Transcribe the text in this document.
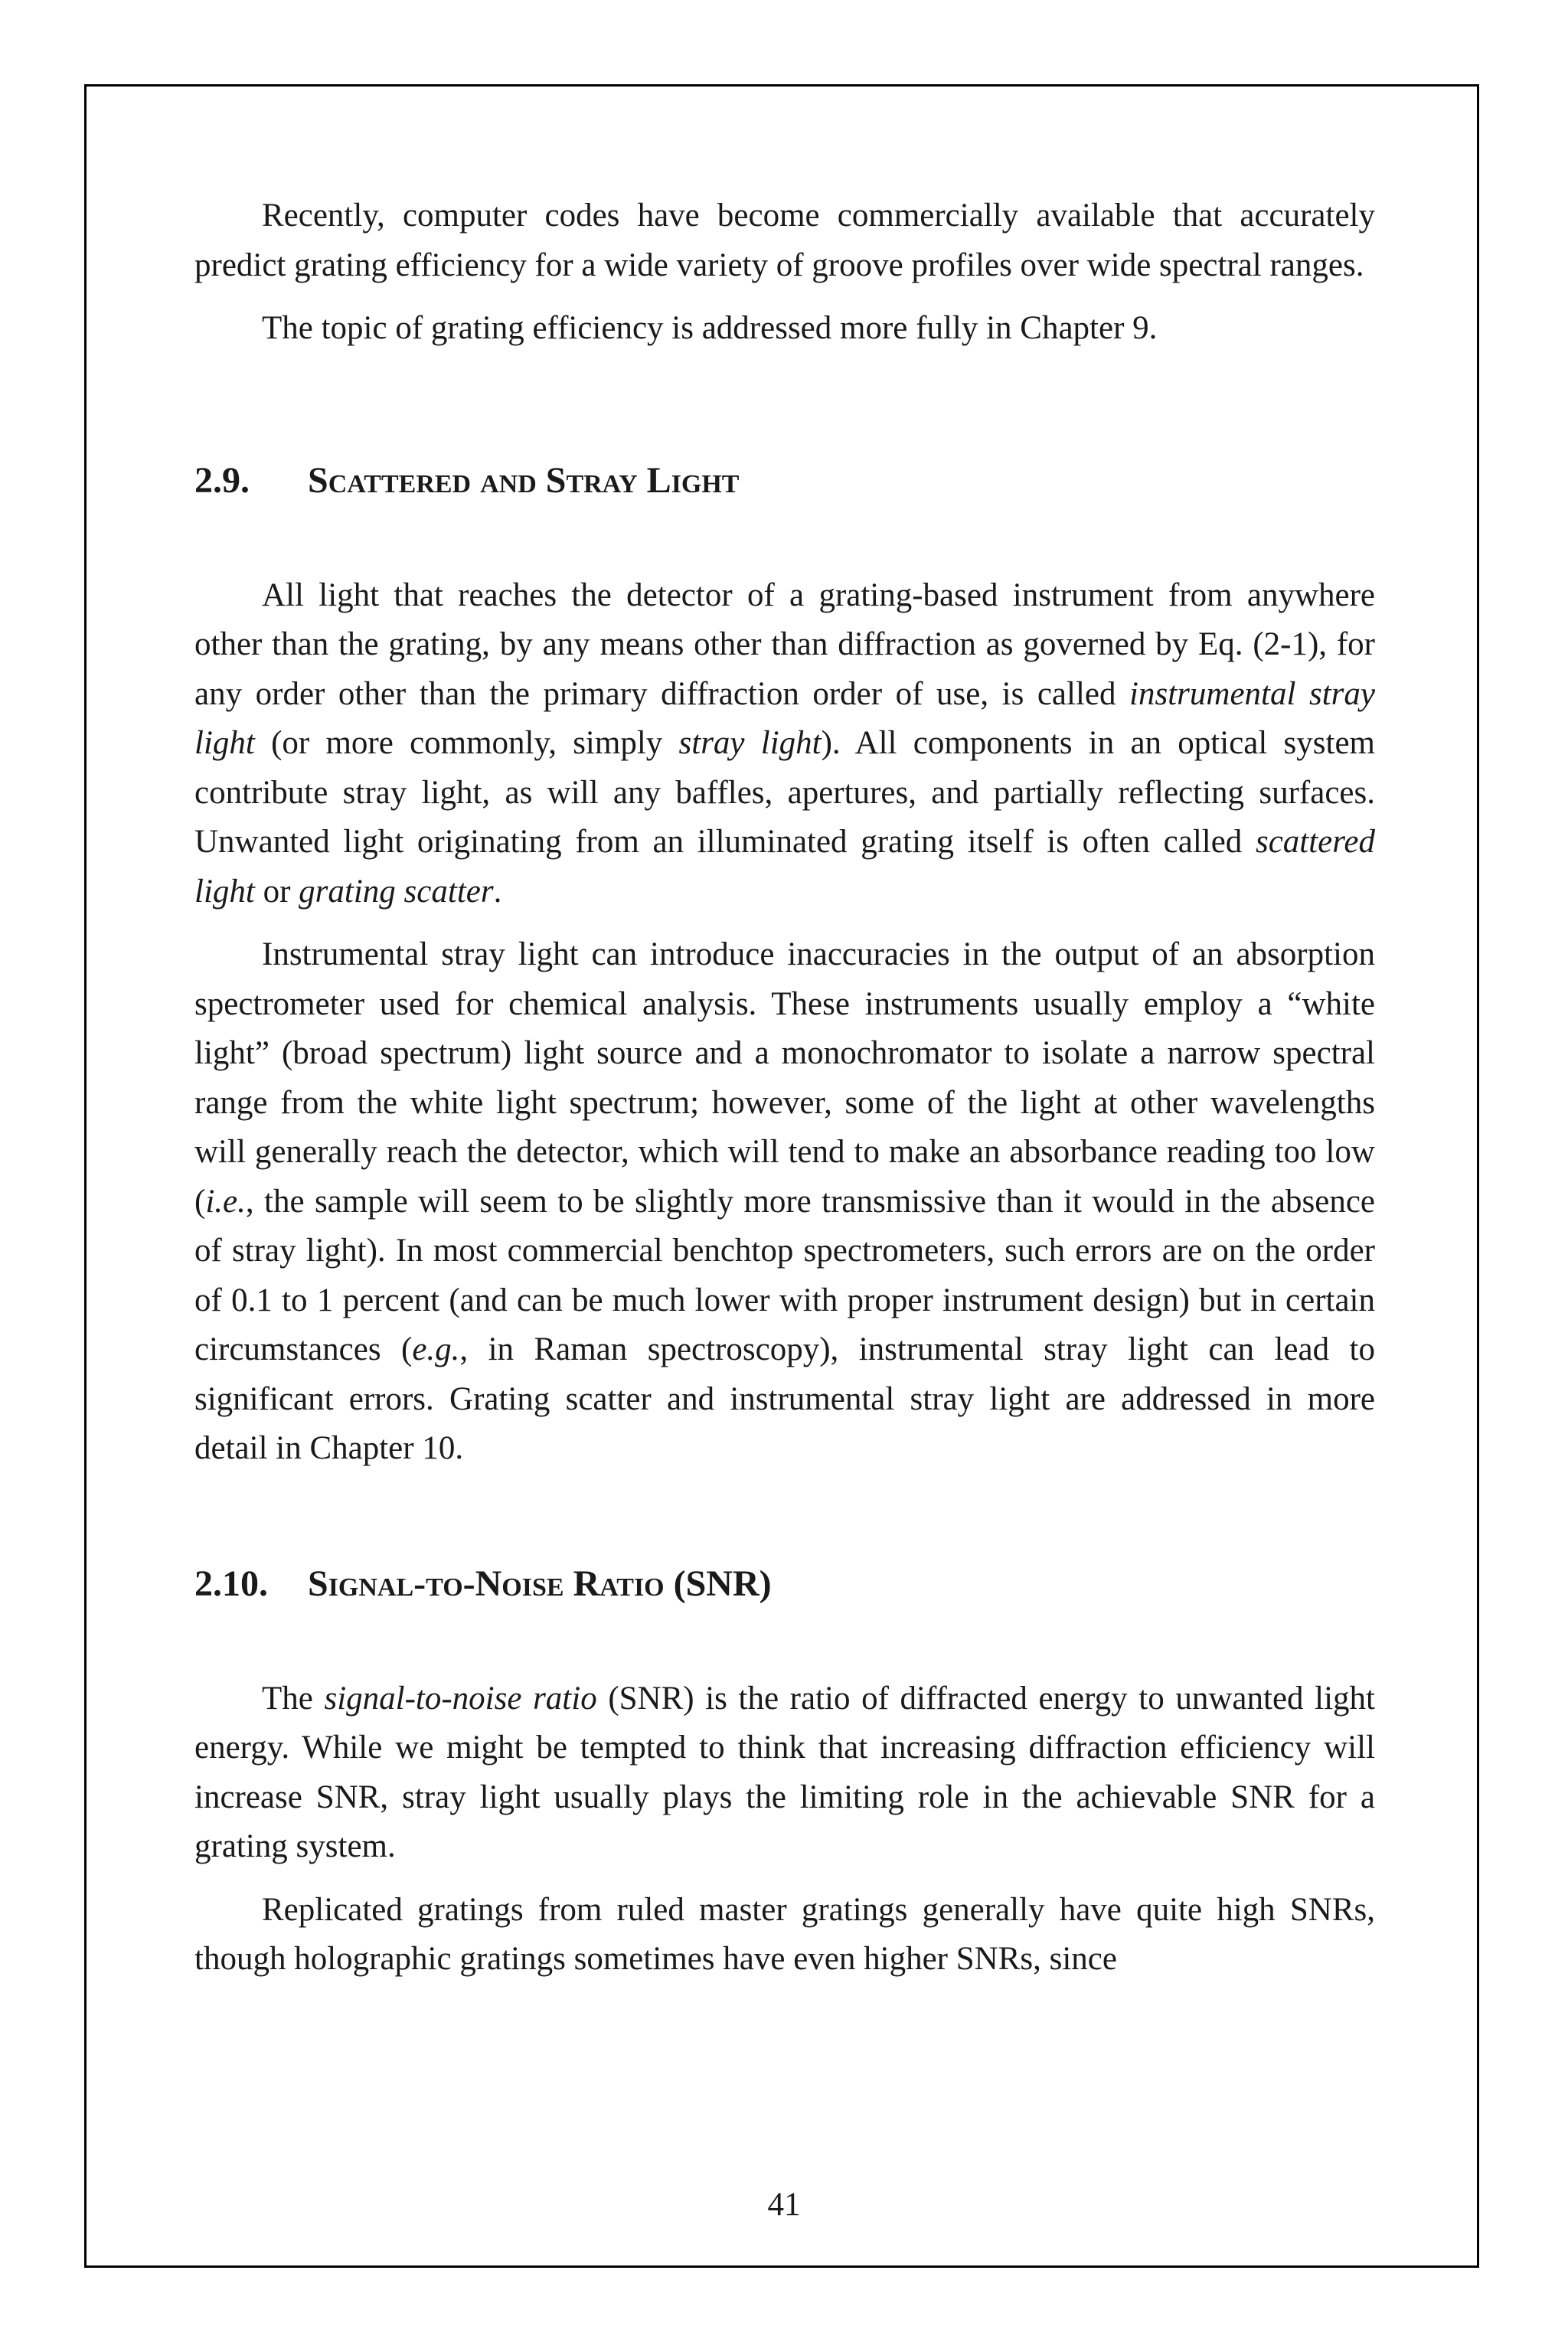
Recently, computer codes have become commercially available that accurately predict grating efficiency for a wide variety of groove profiles over wide spectral ranges.

The topic of grating efficiency is addressed more fully in Chapter 9.

2.9.	Scattered and Stray Light

All light that reaches the detector of a grating-based instrument from anywhere other than the grating, by any means other than diffraction as governed by Eq. (2-1), for any order other than the primary diffraction order of use, is called instrumental stray light (or more commonly, simply stray light). All components in an optical system contribute stray light, as will any baffles, apertures, and partially reflecting surfaces. Unwanted light originating from an illuminated grating itself is often called scattered light or grating scatter.

Instrumental stray light can introduce inaccuracies in the output of an absorption spectrometer used for chemical analysis. These instruments usually employ a “white light” (broad spectrum) light source and a monochromator to isolate a narrow spectral range from the white light spectrum; however, some of the light at other wavelengths will generally reach the detector, which will tend to make an absorbance reading too low (i.e., the sample will seem to be slightly more transmissive than it would in the absence of stray light). In most commercial benchtop spectrometers, such errors are on the order of 0.1 to 1 percent (and can be much lower with proper instrument design) but in certain circumstances (e.g., in Raman spectroscopy), instrumental stray light can lead to significant errors. Grating scatter and instrumental stray light are addressed in more detail in Chapter 10.

2.10.	Signal-to-Noise Ratio (SNR)

The signal-to-noise ratio (SNR) is the ratio of diffracted energy to unwanted light energy. While we might be tempted to think that increasing diffraction efficiency will increase SNR, stray light usually plays the limiting role in the achievable SNR for a grating system.

Replicated gratings from ruled master gratings generally have quite high SNRs, though holographic gratings sometimes have even higher SNRs, since

41
